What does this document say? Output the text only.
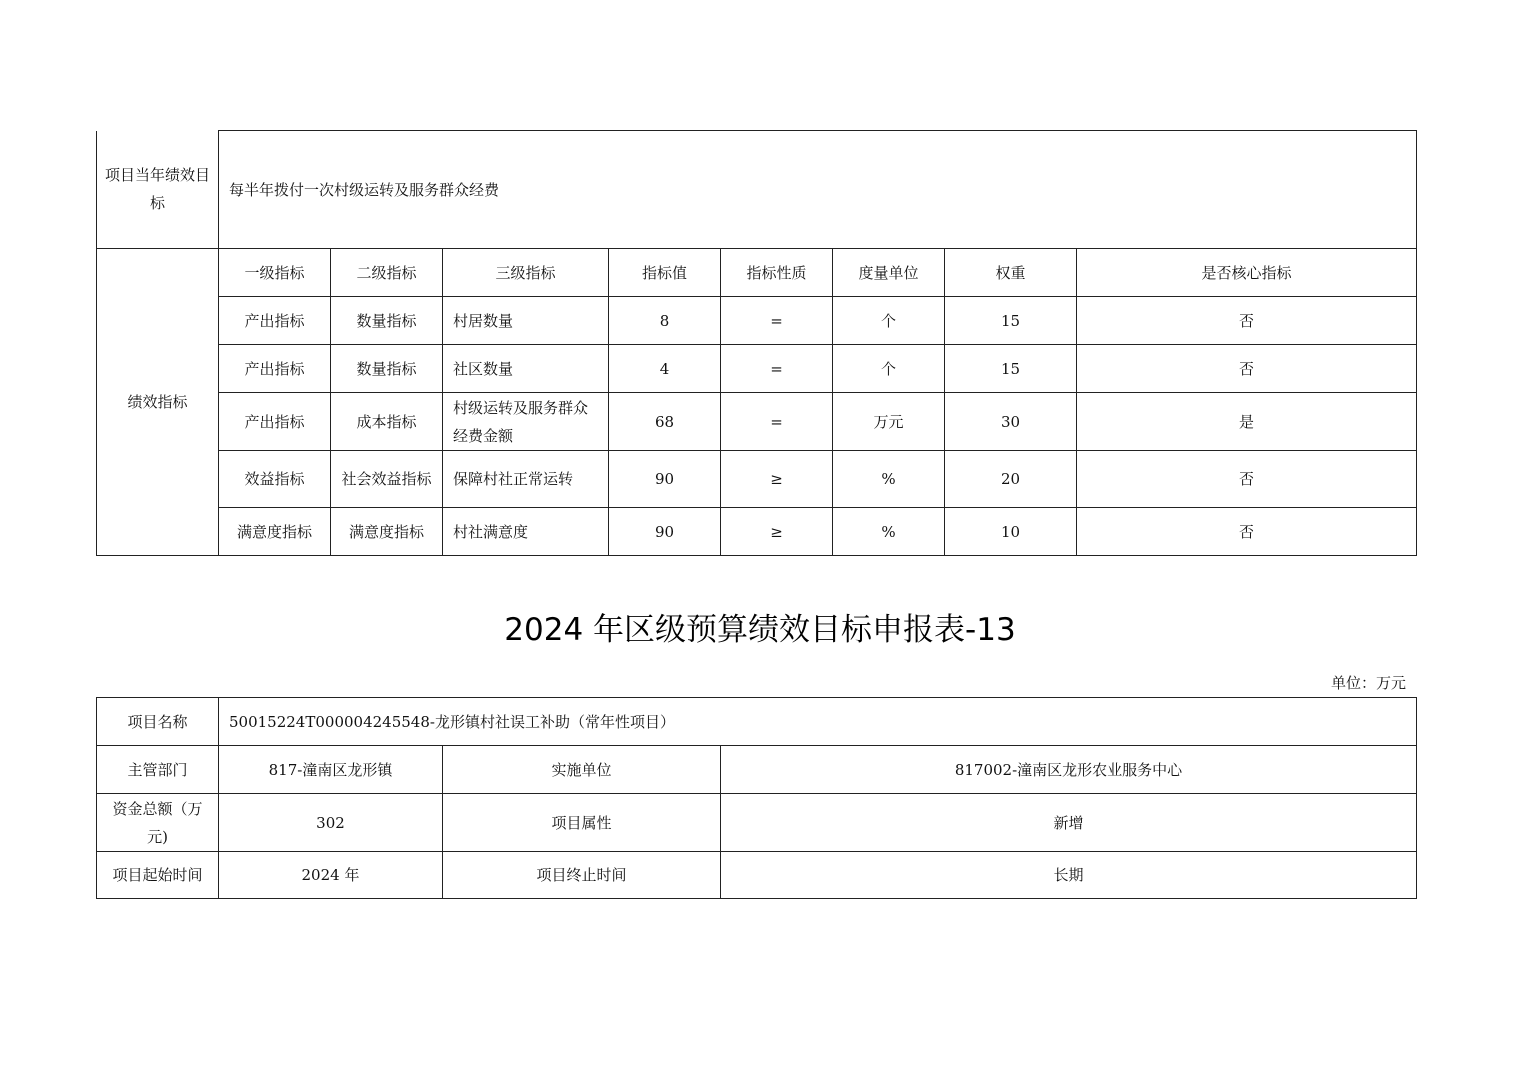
项目当年绩效目标	每半年拨付一次村级运转及服务群众经费							
绩效指标	一级指标	二级指标	三级指标	指标值	指标性质	度量单位	权重	是否核心指标
	产出指标	数量指标	村居数量	8	=	个	15	否
	产出指标	数量指标	社区数量	4	=	个	15	否
	产出指标	成本指标	村级运转及服务群众经费金额	68	=	万元	30	是
	效益指标	社会效益指标	保障村社正常运转	90	≥	%	20	否
	满意度指标	满意度指标	村社满意度	90	≥	%	10	否
2024 年区级预算绩效目标申报表-13
单位：万元
项目名称	50015224T000004245548-龙形镇村社误工补助（常年性项目）		
主管部门	817-潼南区龙形镇	实施单位	817002-潼南区龙形农业服务中心
资金总额（万元)	302	项目属性	新增
项目起始时间	2024 年	项目终止时间	长期
